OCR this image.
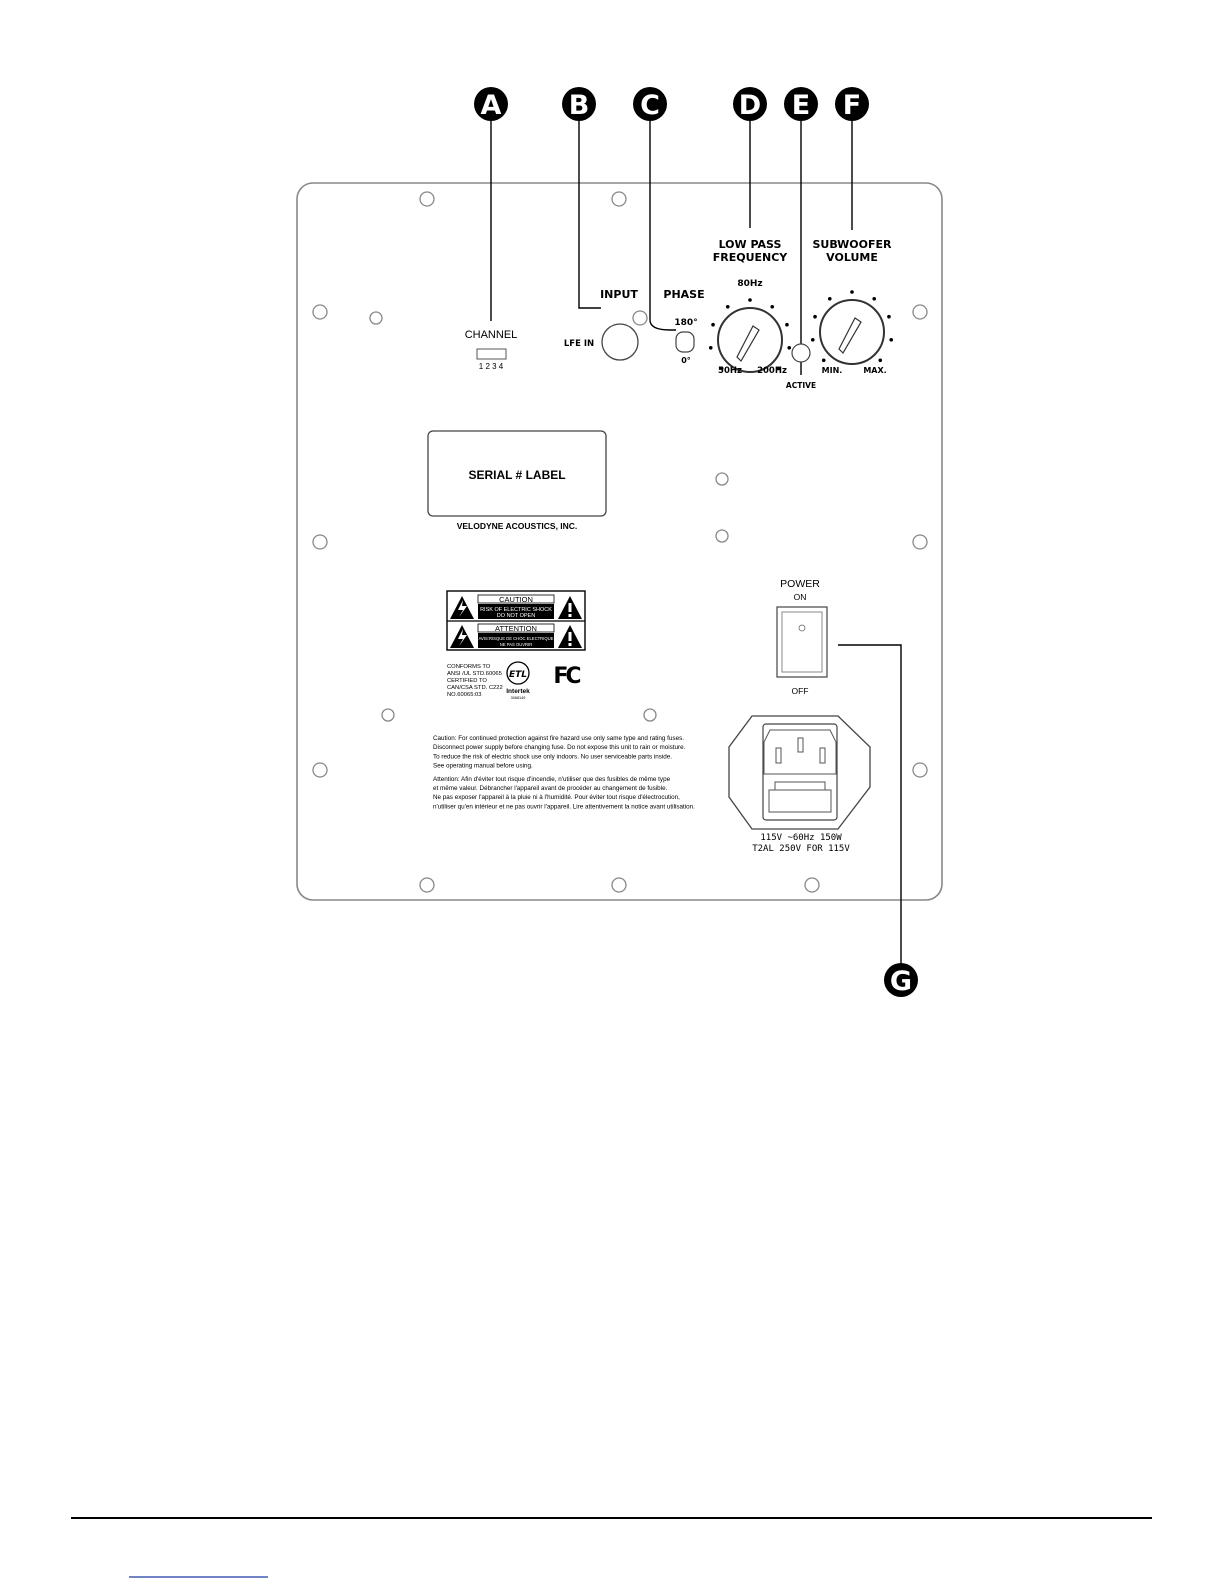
A B C	D E F
G
CHANNEL
1 2 3 4
INPUT
LFE IN
PHASE
180°
0°
LOW PASS
FREQUENCY
80Hz
50Hz 200Hz
ACTIVE
SUBWOOFER
VOLUME
MIN.	MAX.
SERIAL # LABEL
VELODYNE ACOUSTICS, INC.
CAUTION
RISK OF ELECTRIC SHOCK
DO NOT OPEN
ATTENTION
AVIS:RISQUE DE CHOC ELECTRIQUE
NE PAS OUVRIR
CONFORMS TO
ANSI /UL STD.60065
CERTIFIED TO
CAN/CSA STD. C222
NO.60065:03
ETL
Intertek
3068149
FC
Caution: For continued protection against fire hazard use only same type and rating fuses.
Disconnect power supply before changing fuse. Do not expose this unit to rain or moisture.
To reduce the risk of electric shock use only indoors. No user serviceable parts inside.
See operating manual before using.
Attention: Afin d'éviter tout risque d'incendie, n'utiliser que des fusibles de même type
et même valeur. Débrancher l'appareil avant de procéder au changement de fusible.
Ne pas exposer l'appareil à la pluie ni à l'humidité. Pour éviter tout risque d'électrocution,
n'utiliser qu'en intérieur et ne pas ouvrir l'appareil. Lire attentivement la notice avant utilisation.
POWER
ON
OFF
115V ~60Hz 150W
T2AL 250V FOR 115V
